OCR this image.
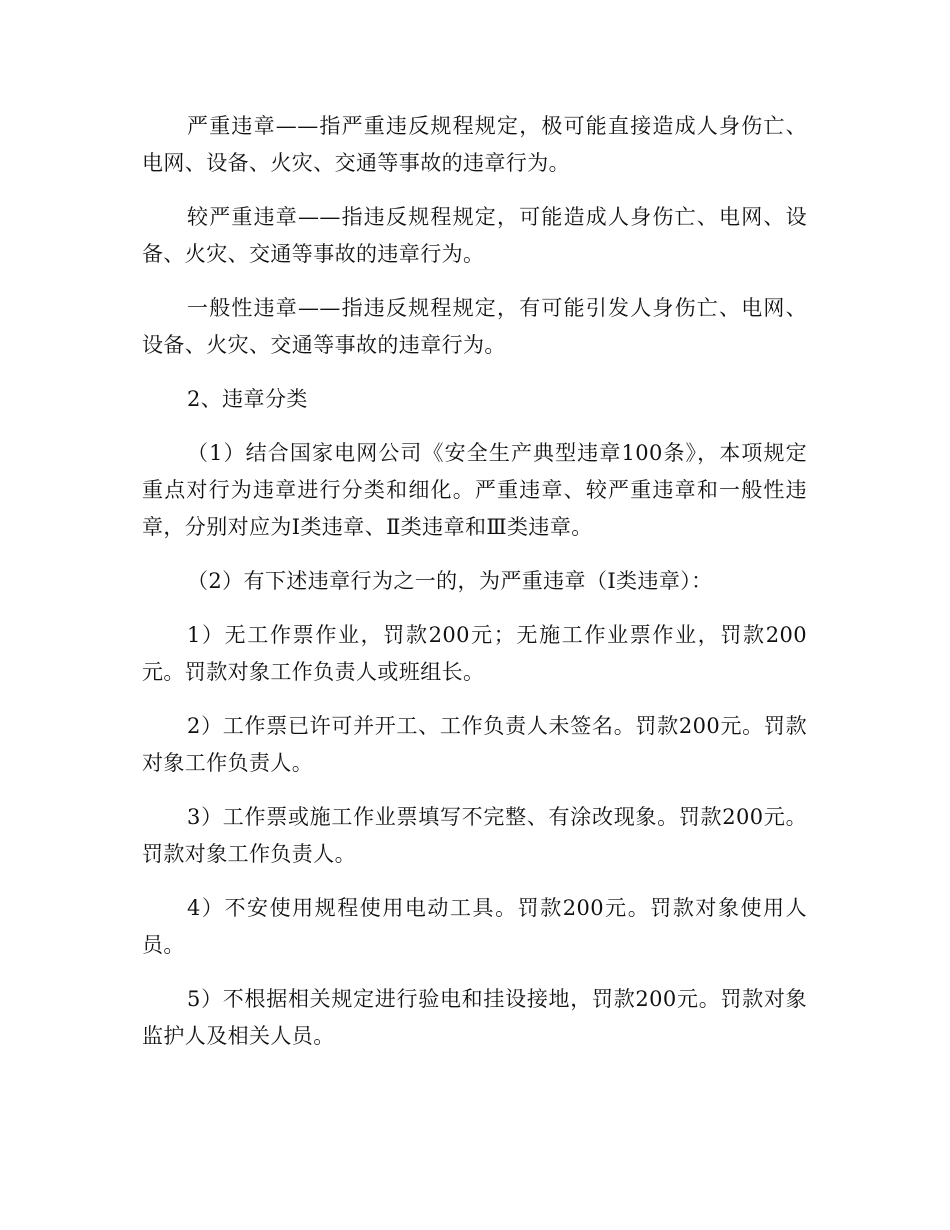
严重违章——指严重违反规程规定，极可能直接造成人身伤亡、电网、设备、火灾、交通等事故的违章行为。

较严重违章——指违反规程规定，可能造成人身伤亡、电网、设备、火灾、交通等事故的违章行为。

一般性违章——指违反规程规定，有可能引发人身伤亡、电网、设备、火灾、交通等事故的违章行为。

2、违章分类

（1）结合国家电网公司《安全生产典型违章100条》，本项规定重点对行为违章进行分类和细化。严重违章、较严重违章和一般性违章，分别对应为Ⅰ类违章、Ⅱ类违章和Ⅲ类违章。

（2）有下述违章行为之一的，为严重违章（Ⅰ类违章）：

1）无工作票作业，罚款200元；无施工作业票作业，罚款200元。罚款对象工作负责人或班组长。

2）工作票已许可并开工、工作负责人未签名。罚款200元。罚款对象工作负责人。

3）工作票或施工作业票填写不完整、有涂改现象。罚款200元。罚款对象工作负责人。

4）不安使用规程使用电动工具。罚款200元。罚款对象使用人员。

5）不根据相关规定进行验电和挂设接地，罚款200元。罚款对象监护人及相关人员。
